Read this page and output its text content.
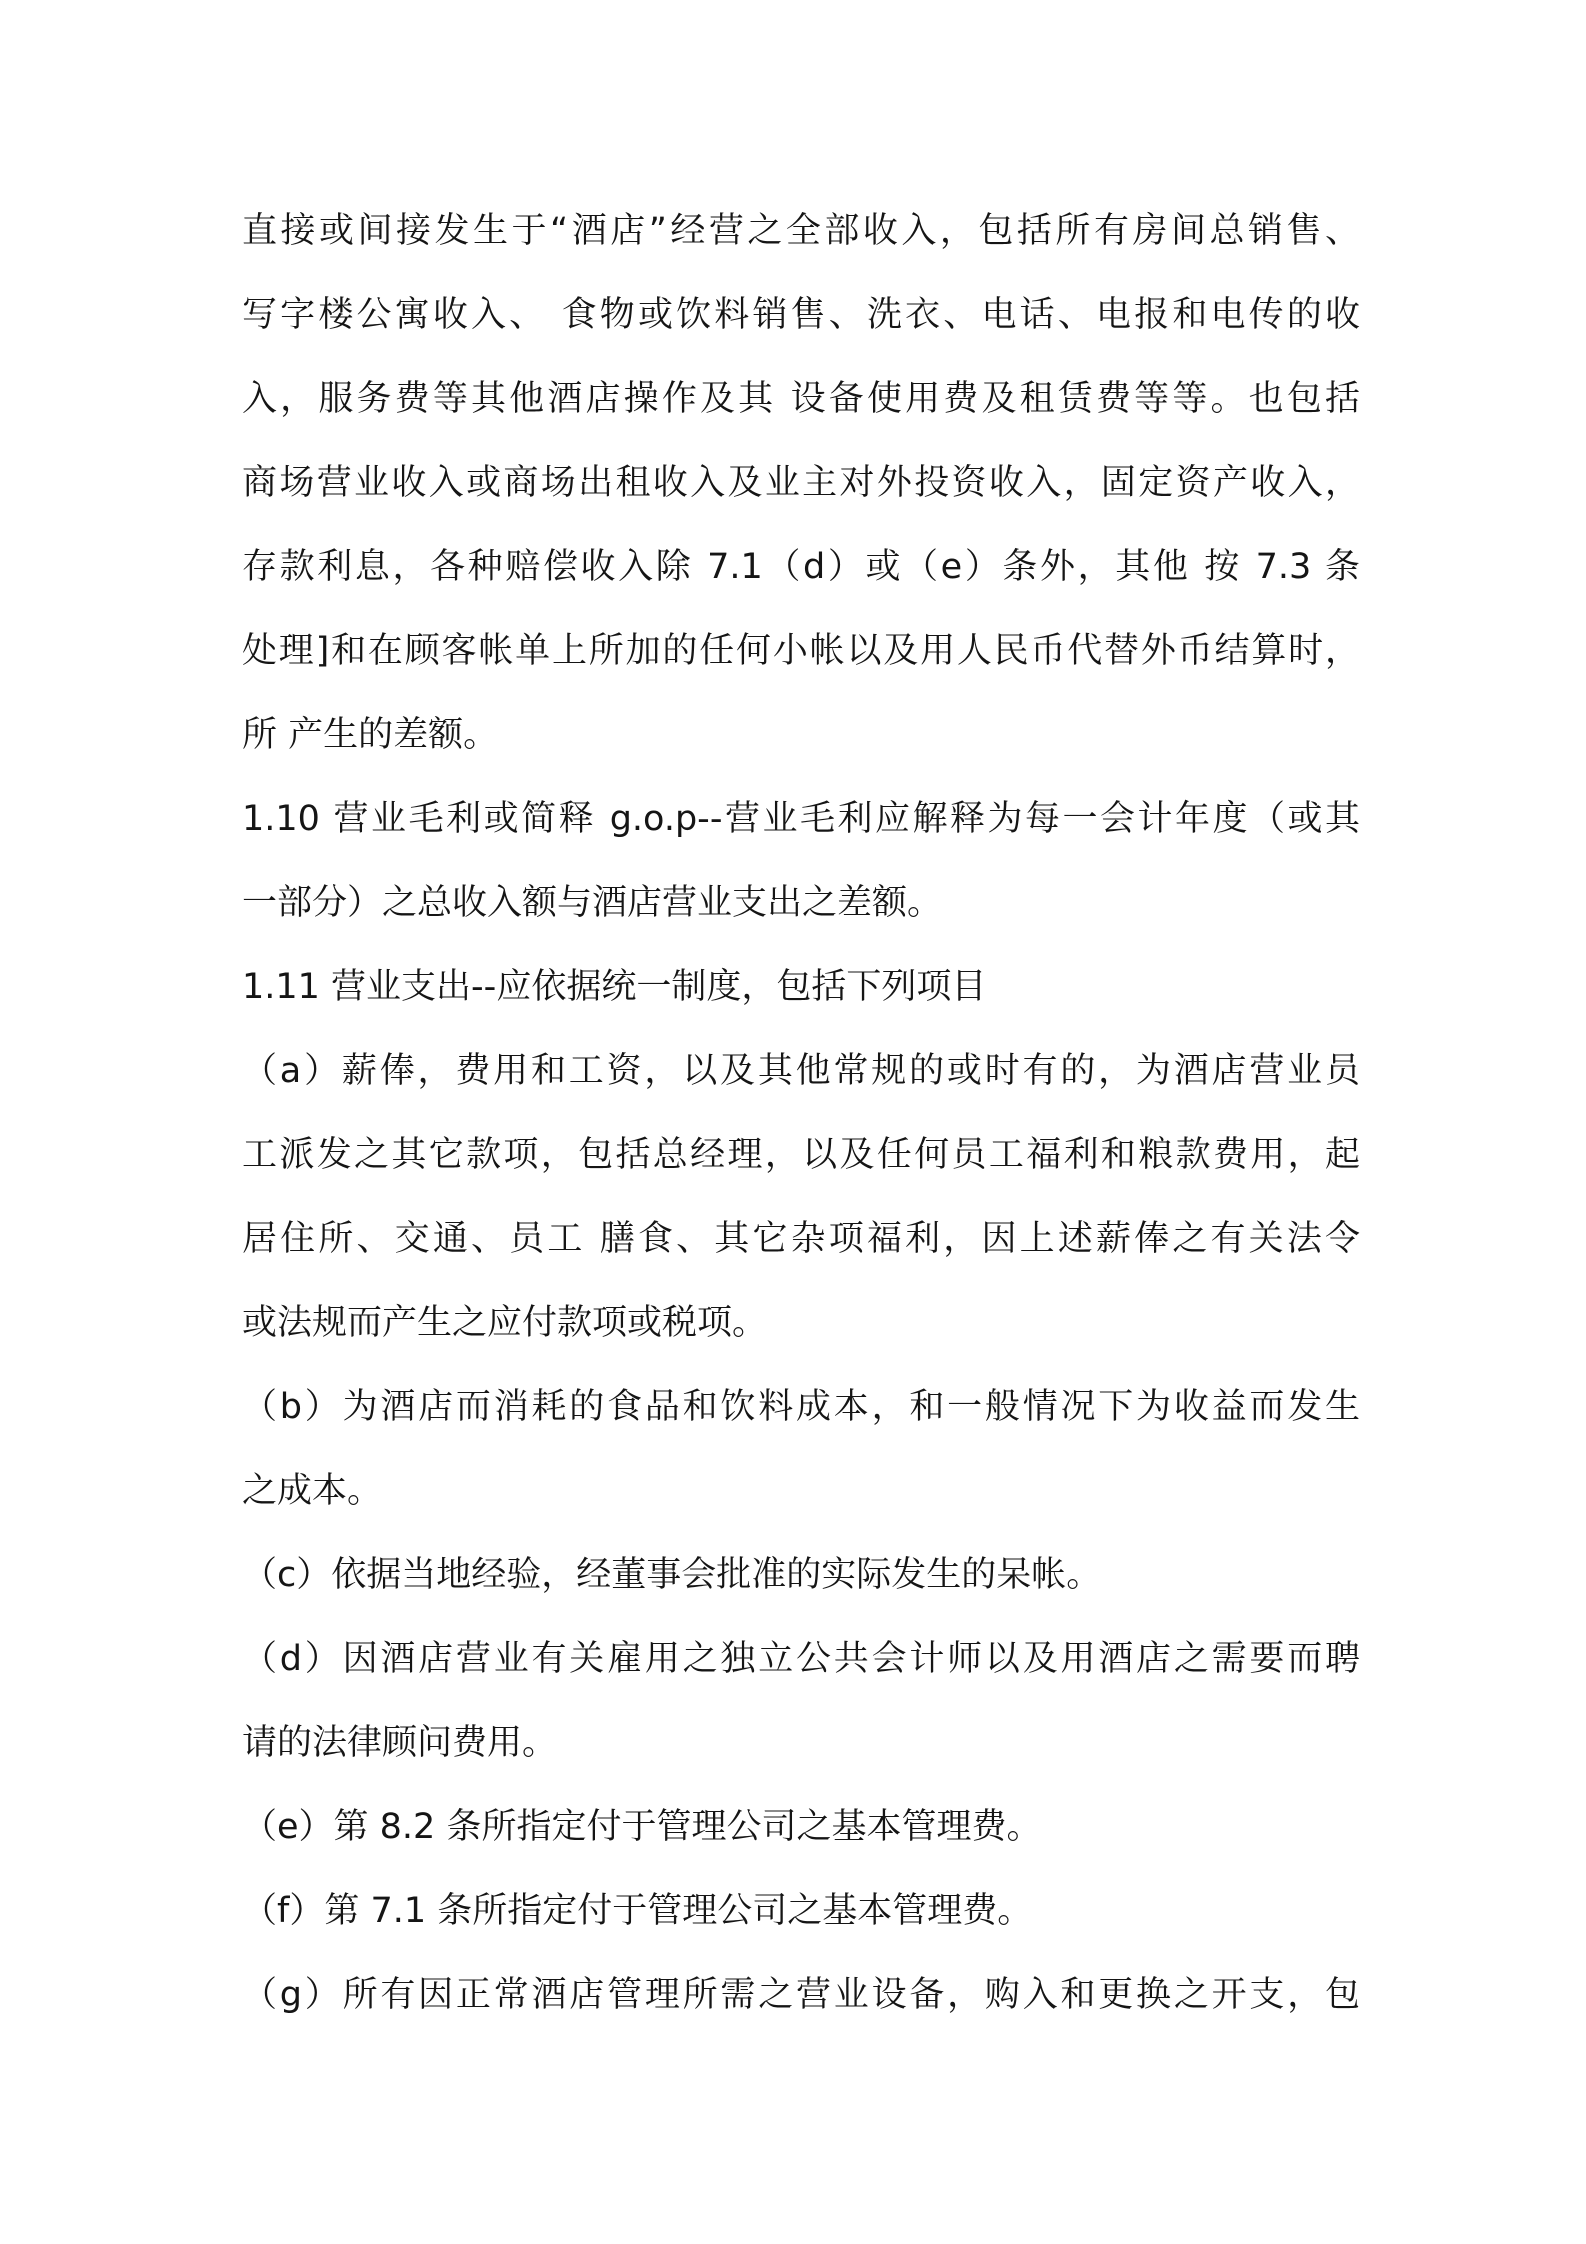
直接或间接发生于“酒店”经营之全部收入，包括所有房间总销售、
写字楼公寓收入、 食物或饮料销售、洗衣、电话、电报和电传的收
入，服务费等其他酒店操作及其 设备使用费及租赁费等等。也包括
商场营业收入或商场出租收入及业主对外投资收入，固定资产收入，
存款利息，各种赔偿收入除 7.1（d）或（e）条外，其他 按 7.3 条
处理]和在顾客帐单上所加的任何小帐以及用人民币代替外币结算时，
所 产生的差额。
1.10 营业毛利或简释 g.o.p--营业毛利应解释为每一会计年度（或其
一部分）之总收入额与酒店营业支出之差额。
1.11 营业支出--应依据统一制度，包括下列项目
（a）薪俸，费用和工资，以及其他常规的或时有的，为酒店营业员
工派发之其它款项，包括总经理，以及任何员工福利和粮款费用，起
居住所、交通、员工 膳食、其它杂项福利，因上述薪俸之有关法令
或法规而产生之应付款项或税项。
（b）为酒店而消耗的食品和饮料成本，和一般情况下为收益而发生
之成本。
（c）依据当地经验，经董事会批准的实际发生的呆帐。
（d）因酒店营业有关雇用之独立公共会计师以及用酒店之需要而聘
请的法律顾问费用。
（e）第 8.2 条所指定付于管理公司之基本管理费。
（f）第 7.1 条所指定付于管理公司之基本管理费。
（g）所有因正常酒店管理所需之营业设备，购入和更换之开支，包
